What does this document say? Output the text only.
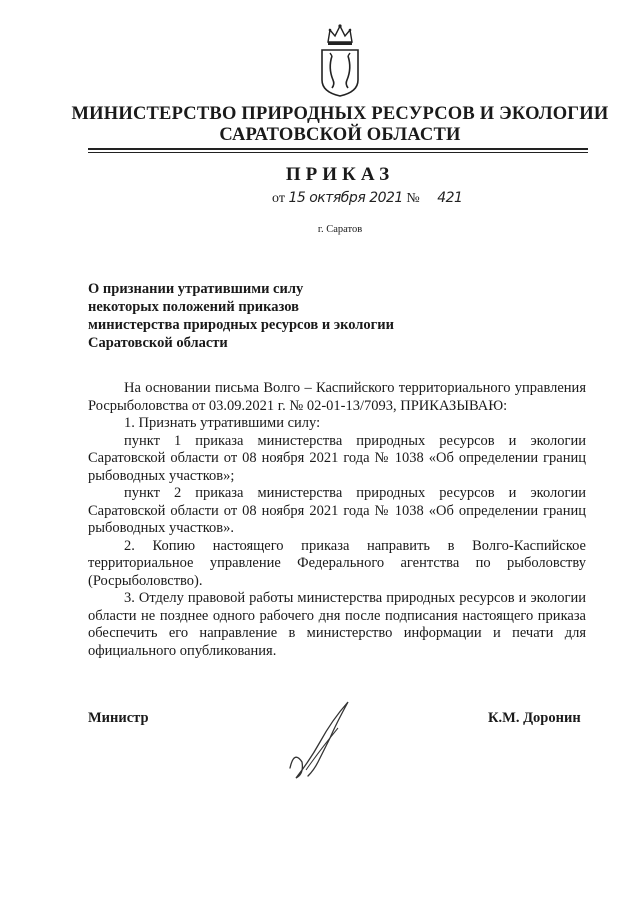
МИНИСТЕРСТВО ПРИРОДНЫХ РЕСУРСОВ И ЭКОЛОГИИ
САРАТОВСКОЙ ОБЛАСТИ
ПРИКАЗ
от 15 октября 2021 № 421
г. Саратов
О признании утратившими силу
некоторых положений приказов
министерства природных ресурсов и экологии
Саратовской области

На основании письма Волго – Каспийского территориального управления Росрыболовства от 03.09.2021 г. № 02-01-13/7093, ПРИКАЗЫВАЮ:

1. Признать утратившими силу:

пункт 1 приказа министерства природных ресурсов и экологии Саратовской области от 08 ноября 2021 года № 1038 «Об определении границ рыбоводных участков»;

пункт 2 приказа министерства природных ресурсов и экологии Саратовской области от 08 ноября 2021 года № 1038 «Об определении границ рыбоводных участков».

2. Копию настоящего приказа направить в Волго-Каспийское территориальное управление Федерального агентства по рыболовству (Росрыболовство).

3. Отделу правовой работы министерства природных ресурсов и экологии области не позднее одного рабочего дня после подписания настоящего приказа обеспечить его направление в министерство информации и печати для официального опубликования.

Министр	К.М. Доронин
